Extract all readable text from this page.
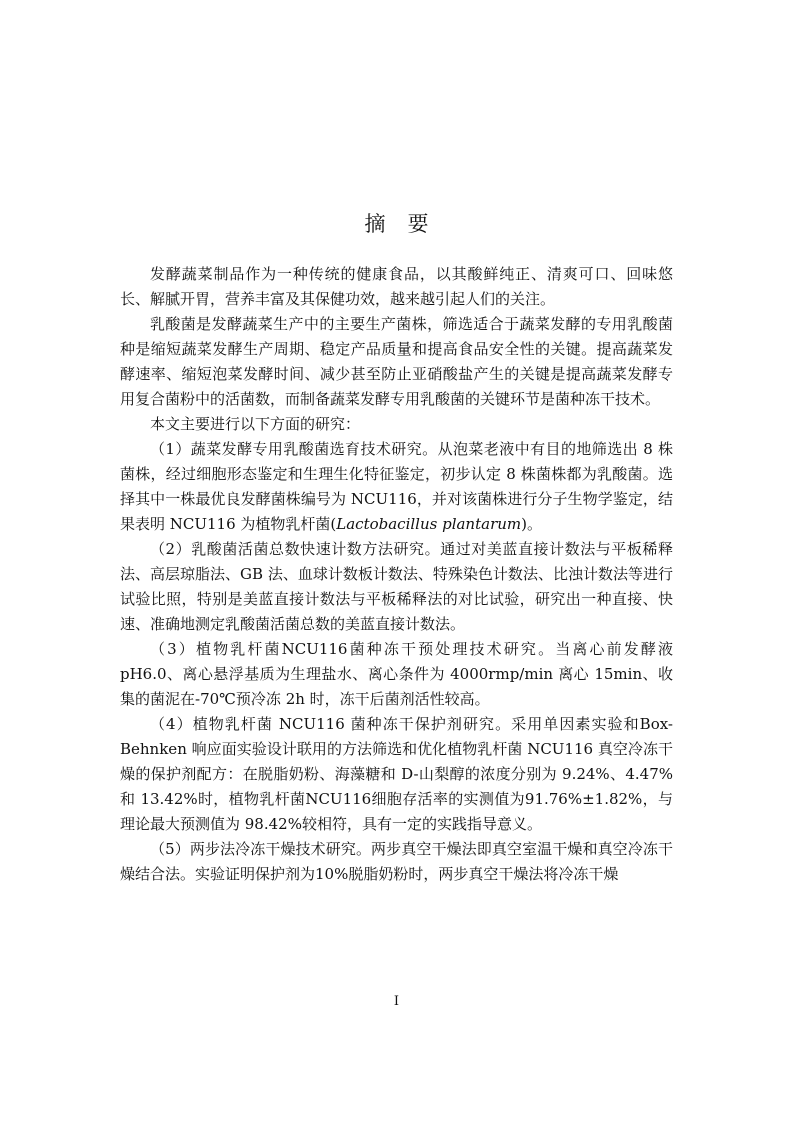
摘要

发酵蔬菜制品作为一种传统的健康食品，以其酸鲜纯正、清爽可口、回味悠长、解腻开胃，营养丰富及其保健功效，越来越引起人们的关注。

乳酸菌是发酵蔬菜生产中的主要生产菌株，筛选适合于蔬菜发酵的专用乳酸菌种是缩短蔬菜发酵生产周期、稳定产品质量和提高食品安全性的关键。提高蔬菜发酵速率、缩短泡菜发酵时间、减少甚至防止亚硝酸盐产生的关键是提高蔬菜发酵专用复合菌粉中的活菌数，而制备蔬菜发酵专用乳酸菌的关键环节是菌种冻干技术。

本文主要进行以下方面的研究：

（1）蔬菜发酵专用乳酸菌选育技术研究。从泡菜老液中有目的地筛选出 8 株菌株，经过细胞形态鉴定和生理生化特征鉴定，初步认定 8 株菌株都为乳酸菌。选择其中一株最优良发酵菌株编号为 NCU116，并对该菌株进行分子生物学鉴定，结果表明 NCU116 为植物乳杆菌(Lactobacillus plantarum)。

（2）乳酸菌活菌总数快速计数方法研究。通过对美蓝直接计数法与平板稀释法、高层琼脂法、GB 法、血球计数板计数法、特殊染色计数法、比浊计数法等进行试验比照，特别是美蓝直接计数法与平板稀释法的对比试验，研究出一种直接、快速、准确地测定乳酸菌活菌总数的美蓝直接计数法。

（3）植物乳杆菌NCU116菌种冻干预处理技术研究。当离心前发酵液pH6.0、离心悬浮基质为生理盐水、离心条件为 4000rmp/min 离心 15min、收集的菌泥在-70℃预冷冻 2h 时，冻干后菌剂活性较高。

（4）植物乳杆菌 NCU116 菌种冻干保护剂研究。采用单因素实验和Box-Behnken 响应面实验设计联用的方法筛选和优化植物乳杆菌 NCU116 真空冷冻干燥的保护剂配方：在脱脂奶粉、海藻糖和 D-山梨醇的浓度分别为 9.24%、4.47%和 13.42%时，植物乳杆菌NCU116细胞存活率的实测值为91.76%±1.82%，与理论最大预测值为 98.42%较相符，具有一定的实践指导意义。

（5）两步法冷冻干燥技术研究。两步真空干燥法即真空室温干燥和真空冷冻干燥结合法。实验证明保护剂为10%脱脂奶粉时，两步真空干燥法将冷冻干燥

I
